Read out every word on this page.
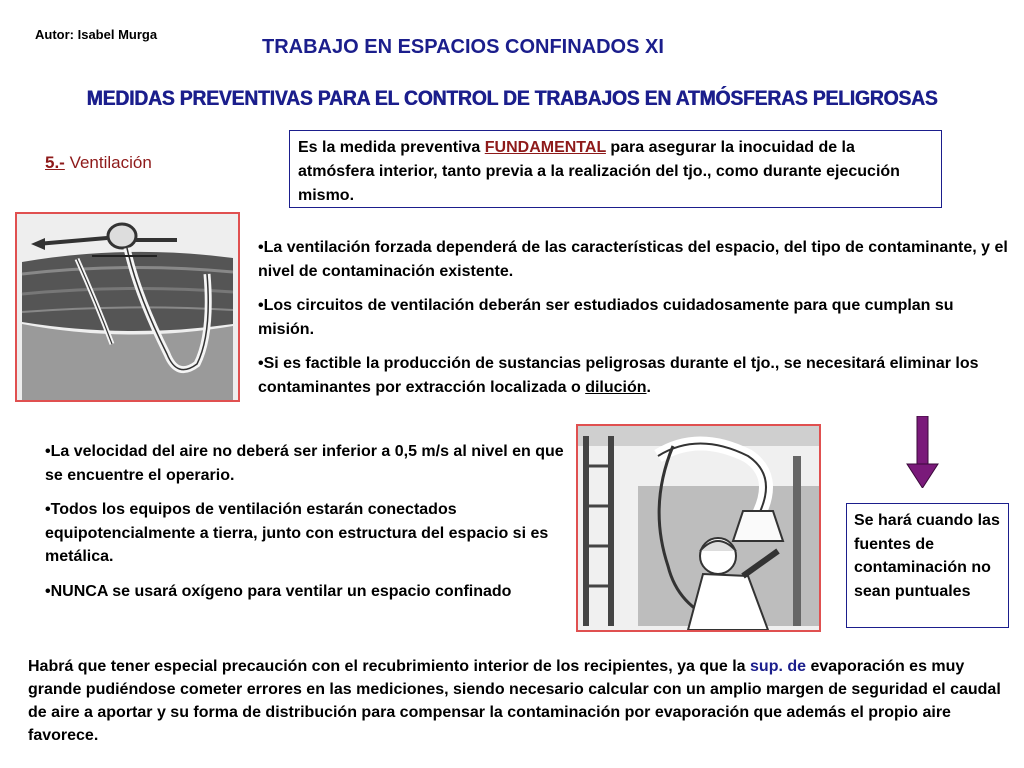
Autor: Isabel Murga
TRABAJO EN ESPACIOS CONFINADOS XI
MEDIDAS PREVENTIVAS PARA EL CONTROL DE TRABAJOS EN ATMÓSFERAS PELIGROSAS
5.- Ventilación
Es la medida preventiva FUNDAMENTAL para asegurar la inocuidad de la atmósfera interior, tanto previa a la realización del tjo., como durante ejecución mismo.
•La ventilación forzada dependerá de las características del espacio, del tipo de contaminante, y el nivel de contaminación existente.
•Los circuitos de ventilación deberán ser estudiados cuidadosamente para que cumplan su misión.
•Si es factible la producción de sustancias peligrosas durante el tjo., se necesitará eliminar los contaminantes por extracción localizada o dilución.
•La velocidad del aire no deberá ser inferior a 0,5 m/s al nivel en que se encuentre el operario.
•Todos los equipos de ventilación estarán conectados equipotencialmente a tierra, junto con estructura del espacio si es metálica.
•NUNCA se usará oxígeno para ventilar un espacio confinado
Se hará cuando las fuentes de contaminación no sean puntuales
Habrá que tener especial precaución con el recubrimiento interior de los recipientes, ya que la sup. de evaporación es muy grande pudiéndose cometer errores en las mediciones, siendo necesario calcular con un amplio margen de seguridad el caudal de aire a aportar y su forma de distribución para compensar la contaminación por evaporación que además el propio aire favorece.
